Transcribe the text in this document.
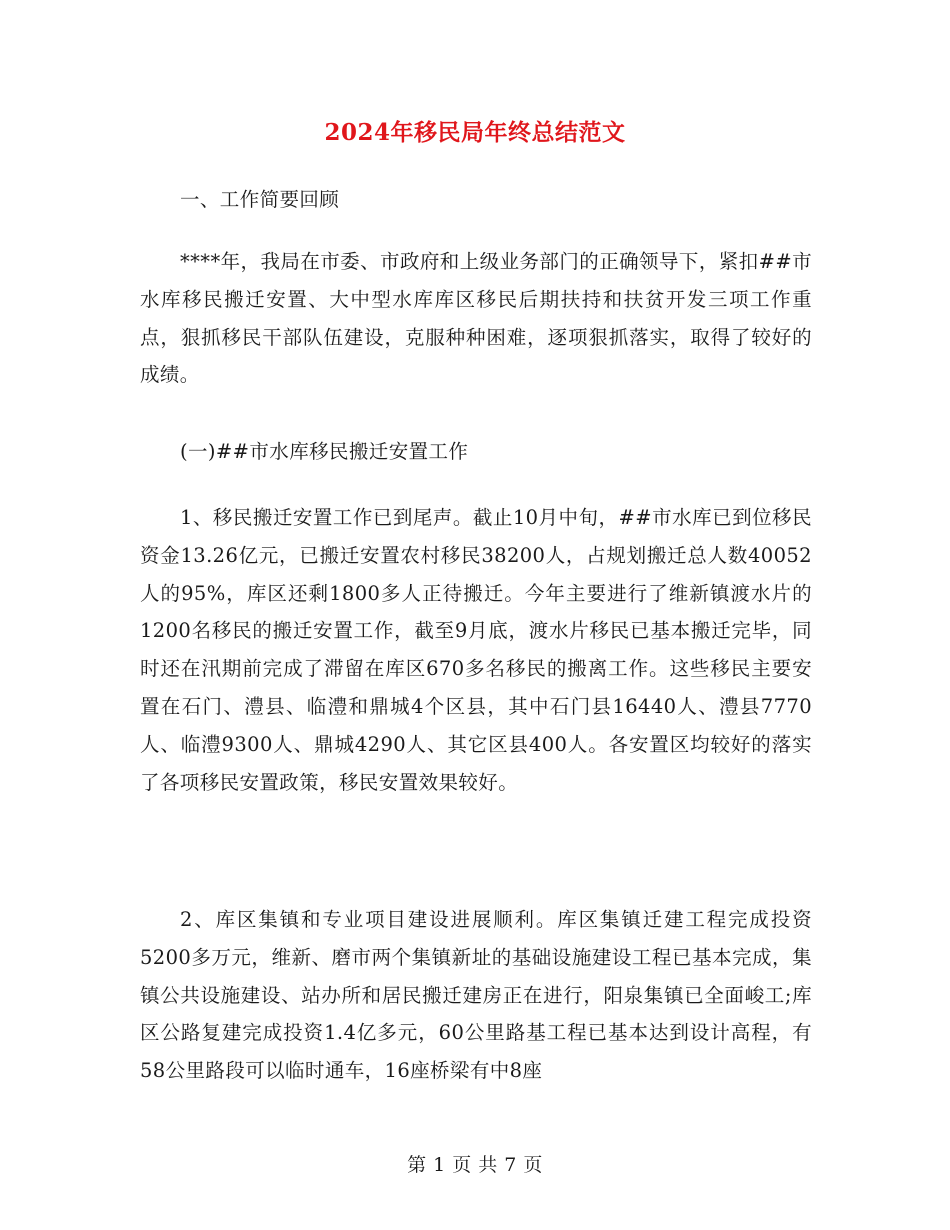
2024年移民局年终总结范文

一、工作简要回顾

****年，我局在市委、市政府和上级业务部门的正确领导下，紧扣##市水库移民搬迁安置、大中型水库库区移民后期扶持和扶贫开发三项工作重点，狠抓移民干部队伍建设，克服种种困难，逐项狠抓落实，取得了较好的成绩。

(一)##市水库移民搬迁安置工作

1、移民搬迁安置工作已到尾声。截止10月中旬，##市水库已到位移民资金13.26亿元，已搬迁安置农村移民38200人，占规划搬迁总人数40052人的95%，库区还剩1800多人正待搬迁。今年主要进行了维新镇渡水片的1200名移民的搬迁安置工作，截至9月底，渡水片移民已基本搬迁完毕，同时还在汛期前完成了滞留在库区670多名移民的搬离工作。这些移民主要安置在石门、澧县、临澧和鼎城4个区县，其中石门县16440人、澧县7770人、临澧9300人、鼎城4290人、其它区县400人。各安置区均较好的落实了各项移民安置政策，移民安置效果较好。

2、库区集镇和专业项目建设进展顺利。库区集镇迁建工程完成投资5200多万元，维新、磨市两个集镇新址的基础设施建设工程已基本完成，集镇公共设施建设、站办所和居民搬迁建房正在进行，阳泉集镇已全面峻工;库区公路复建完成投资1.4亿多元，60公里路基工程已基本达到设计高程，有58公里路段可以临时通车，16座桥梁有中8座

第 1 页 共 7 页
